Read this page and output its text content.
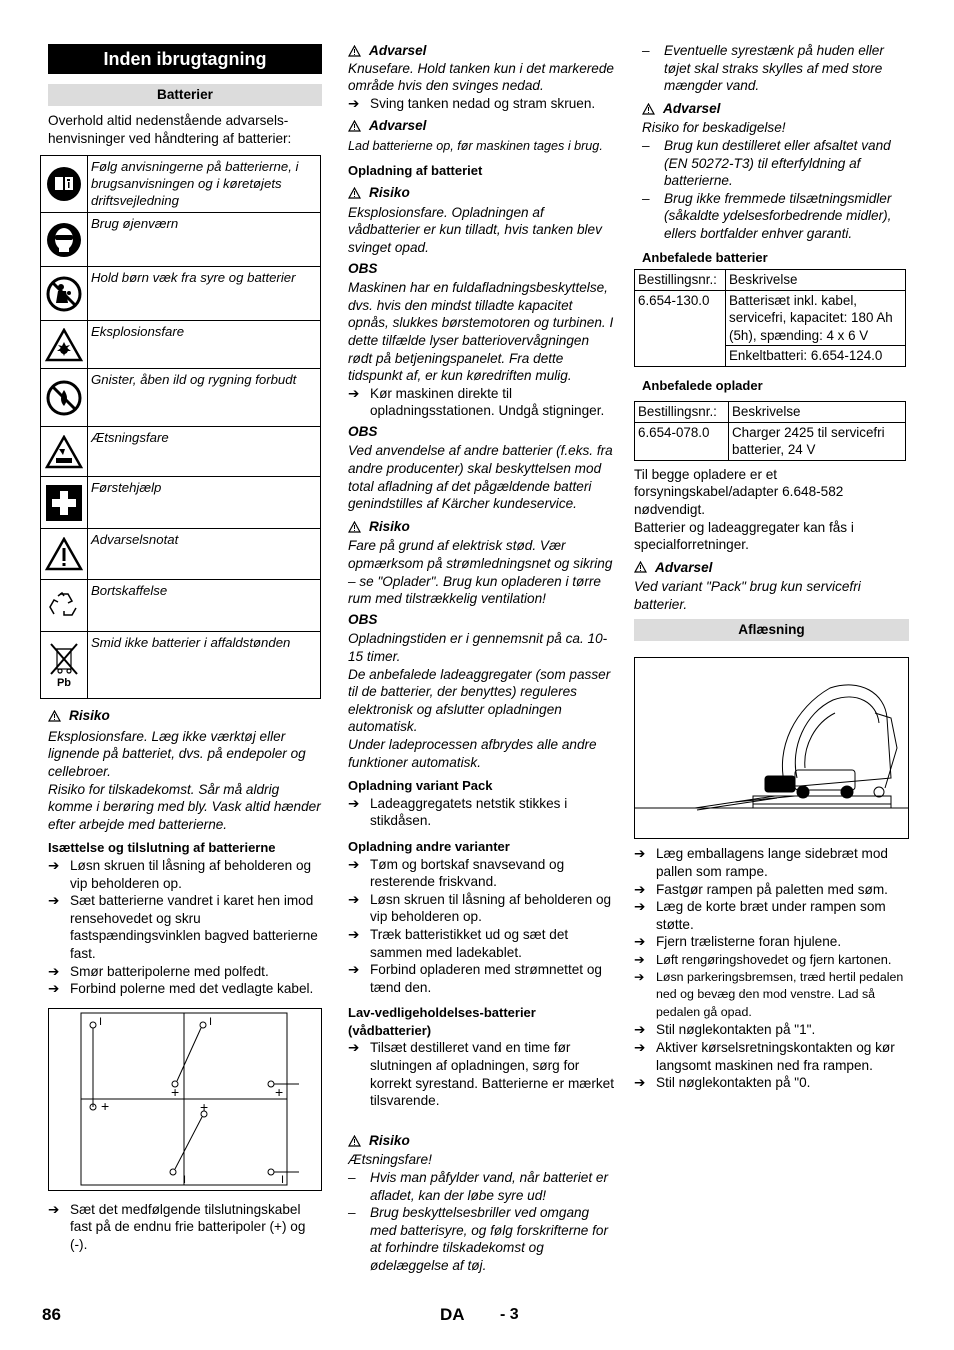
Inden ibrugtagning
Batterier
Overhold altid nedenstående advarsels-henvisninger ved håndtering af batterier:
Følg anvisningerne på batterierne, i brugsanvisningen og i køretøjets driftsvejledning
Brug øjenværn
Hold børn væk fra syre og batterier
Eksplosionsfare
Gnister, åben ild og rygning forbudt
Ætsningsfare
Førstehjælp
Advarselsnotat
Bortskaffelse
Pb
Smid ikke batterier i affaldstønden
Risiko
Eksplosionsfare. Læg ikke værktøj eller lignende på batteriet, dvs. på endepoler og cellebroer.
Risiko for tilskadekomst. Sår må aldrig komme i berøring med bly. Vask altid hænder efter arbejde med batterierne.
Isættelse og tilslutning af batterierne
➔ Løsn skruen til låsning af beholderen og vip beholderen op.
➔ Sæt batterierne vandret i karet hen imod rensehovedet og skru fastspændingsvinklen bagved batterierne fast.
➔ Smør batteripolerne med polfedt.
➔ Forbind polerne med det vedlagte kabel.
+
I	I
+	+
+
I	I
➔ Sæt det medfølgende tilslutningskabel fast på de endnu frie batteripoler (+) og (-).
Advarsel
Knusefare. Hold tanken kun i det markerede område hvis den svinges nedad.
➔ Sving tanken nedad og stram skruen.
Advarsel
Lad batterierne op, før maskinen tages i brug.
Opladning af batteriet
Risiko
Eksplosionsfare. Opladningen af vådbatterier er kun tilladt, hvis tanken blev svinget opad.
OBS
Maskinen har en fuldafladningsbeskyttelse, dvs. hvis den mindst tilladte kapacitet opnås, slukkes børstemotoren og turbinen. I dette tilfælde lyser batteriovervågningen rødt på betjeningspanelet. Fra dette tidspunkt af, er kun køredriften mulig.
➔ Kør maskinen direkte til opladningsstationen. Undgå stigninger.
OBS
Ved anvendelse af andre batterier (f.eks. fra andre producenter) skal beskyttelsen mod total afladning af det pågældende batteri genindstilles af Kärcher kundeservice.
Risiko
Fare på grund af elektrisk stød. Vær opmærksom på strømledningsnet og sikring – se "Oplader". Brug kun opladeren i tørre rum med tilstrækkelig ventilation!
OBS
Opladningstiden er i gennemsnit på ca. 10-15 timer.
De anbefalede ladeaggregater (som passer til de batterier, der benyttes) reguleres elektronisk og afslutter opladningen automatisk.
Under ladeprocessen afbrydes alle andre funktioner automatisk.
Opladning variant Pack
➔ Ladeaggregatets netstik stikkes i stikdåsen.
Opladning andre varianter
➔ Tøm og bortskaf snavsevand og resterende friskvand.
➔ Løsn skruen til låsning af beholderen og vip beholderen op.
➔ Træk batteristikket ud og sæt det sammen med ladekablet.
➔ Forbind opladeren med strømnettet og tænd den.
Lav-vedligeholdelses-batterier (vådbatterier)
➔ Tilsæt destilleret vand en time før slutningen af opladningen, sørg for korrekt syrestand. Batterierne er mærket tilsvarende.
Risiko
Ætsningsfare!
–	Hvis man påfylder vand, når batteriet er afladet, kan der løbe syre ud!
–	Brug beskyttelsesbriller ved omgang med batterisyre, og følg forskrifterne for at forhindre tilskadekomst og ødelæggelse af tøj.
–	Eventuelle syrestænk på huden eller tøjet skal straks skylles af med store mængder vand.
Advarsel
Risiko for beskadigelse!
–	Brug kun destilleret eller afsaltet vand (EN 50272-T3) til efterfyldning af batterierne.
–	Brug ikke fremmede tilsætningsmidler (såkaldte ydelsesforbedrende midler), ellers bortfalder enhver garanti.
Anbefalede batterier
Bestillingsnr.:	Beskrivelse
6.654-130.0	Batterisæt inkl. kabel, servicefri, kapacitet: 180 Ah (5h), spænding: 4 x 6 V
	Enkeltbatteri: 6.654-124.0
Anbefalede oplader
Bestillingsnr.:	Beskrivelse
6.654-078.0	Charger 2425 til servicefri batterier, 24 V
Til begge opladere er et forsyningskabel/adapter 6.648-582 nødvendigt.
Batterier og ladeaggregater kan fås i specialforretninger.
Advarsel
Ved variant "Pack" brug kun servicefri batterier.
Aflæsning
➔ Læg emballagens lange sidebræt mod pallen som rampe.
➔ Fastgør rampen på paletten med søm.
➔ Læg de korte bræt under rampen som støtte.
➔ Fjern trælisterne foran hjulene.
➔ Løft rengøringshovedet og fjern kartonen.
➔ Løsn parkeringsbremsen, træd hertil pedalen ned og bevæg den mod venstre. Lad så pedalen gå opad.
➔ Stil nøglekontakten på "1".
➔ Aktiver kørselsretningskontakten og kør langsomt maskinen ned fra rampen.
➔ Stil nøglekontakten på "0.
86	DA - 3
